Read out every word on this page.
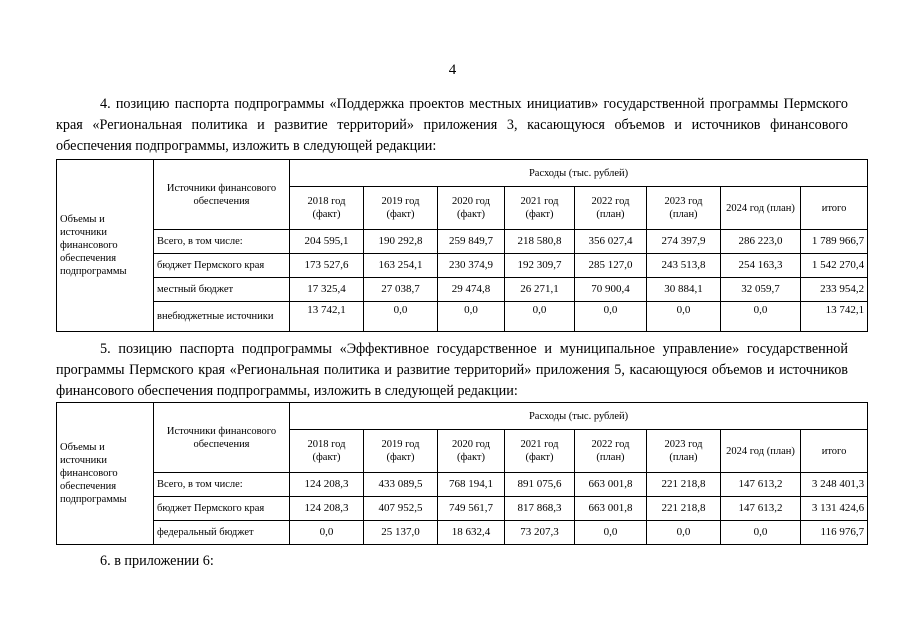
4
4. позицию паспорта подпрограммы «Поддержка проектов местных инициатив» государственной программы Пермского края «Региональная политика и развитие территорий» приложения 3, касающуюся объемов и источников финансового обеспечения подпрограммы, изложить в следующей редакции:
Объемы и источники финансового обеспечения подпрограммы	Источники финансового обеспечения	Расходы (тыс. рублей)							
		2018 год (факт)	2019 год (факт)	2020 год (факт)	2021 год (факт)	2022 год (план)	2023 год (план)	2024 год (план)	итого
	Всего, в том числе:	204 595,1	190 292,8	259 849,7	218 580,8	356 027,4	274 397,9	286 223,0	1 789 966,7
	бюджет Пермского края	173 527,6	163 254,1	230 374,9	192 309,7	285 127,0	243 513,8	254 163,3	1 542 270,4
	местный бюджет	17 325,4	27 038,7	29 474,8	26 271,1	70 900,4	30 884,1	32 059,7	233 954,2
	внебюджетные источники	13 742,1	0,0	0,0	0,0	0,0	0,0	0,0	13 742,1
5. позицию паспорта подпрограммы «Эффективное государственное и муниципальное управление» государственной программы Пермского края «Региональная политика и развитие территорий» приложения 5, касающуюся объемов и источников финансового обеспечения подпрограммы, изложить в следующей редакции:
Объемы и источники финансового обеспечения подпрограммы	Источники финансового обеспечения	Расходы (тыс. рублей)							
		2018 год (факт)	2019 год (факт)	2020 год (факт)	2021 год (факт)	2022 год (план)	2023 год (план)	2024 год (план)	итого
	Всего, в том числе:	124 208,3	433 089,5	768 194,1	891 075,6	663 001,8	221 218,8	147 613,2	3 248 401,3
	бюджет Пермского края	124 208,3	407 952,5	749 561,7	817 868,3	663 001,8	221 218,8	147 613,2	3 131 424,6
	федеральный бюджет	0,0	25 137,0	18 632,4	73 207,3	0,0	0,0	0,0	116 976,7
6. в приложении 6:
